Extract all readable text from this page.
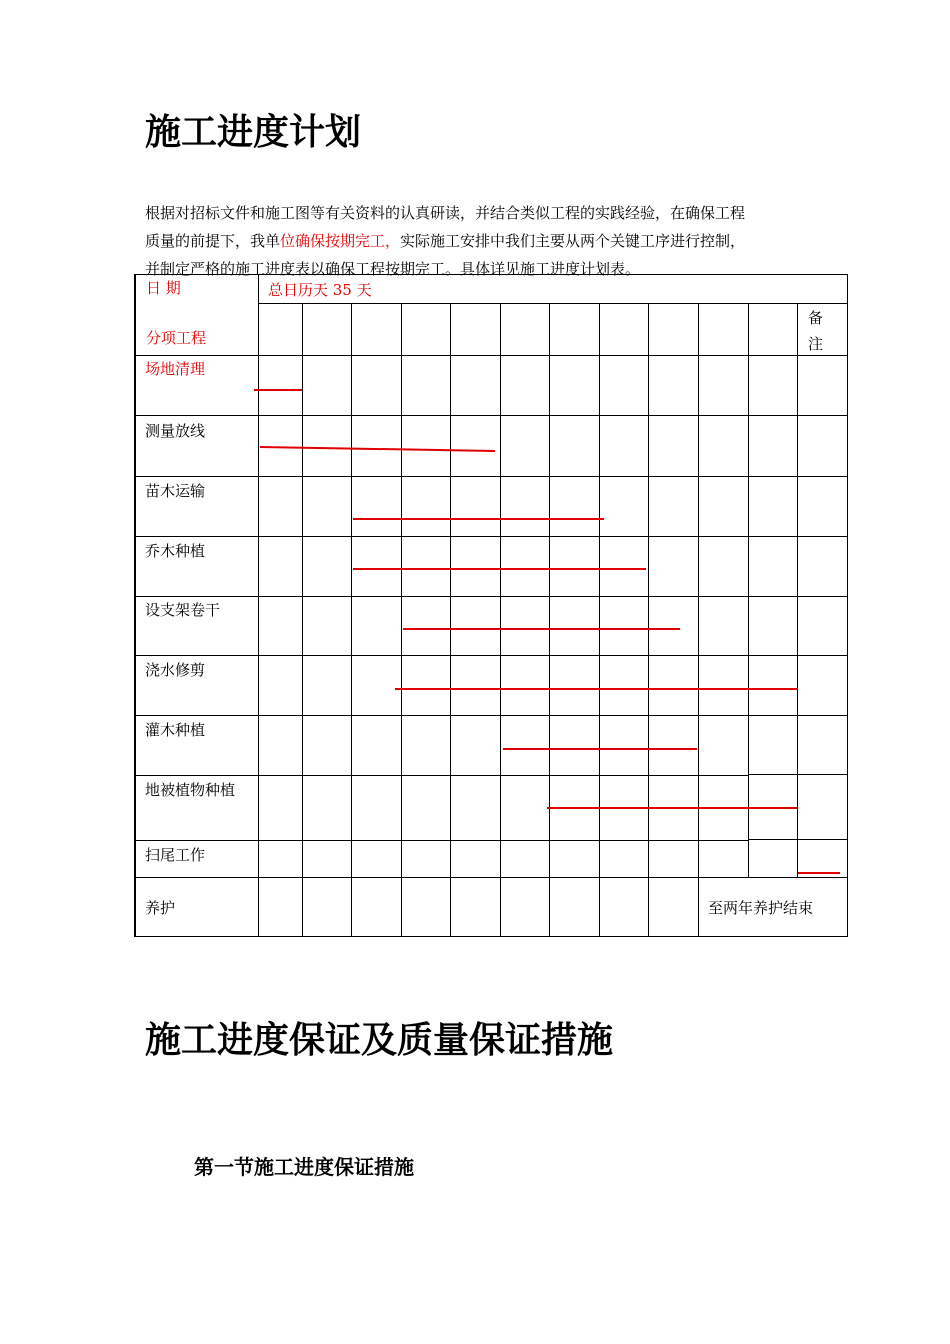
施工进度计划
根据对招标文件和施工图等有关资料的认真研读，并结合类似工程的实践经验，在确保工程
质量的前提下，我单位确保按期完工，实际施工安排中我们主要从两个关键工序进行控制，
并制定严格的施工进度表以确保工程按期完工。具体详见施工进度计划表。
日 期
分项工程
总日历天 35 天
备
注
场地清理
测量放线
苗木运输
乔木种植
设支架卷干
浇水修剪
灌木种植
地被植物种植
扫尾工作
养护	至两年养护结束
施工进度保证及质量保证措施
第一节施工进度保证措施
